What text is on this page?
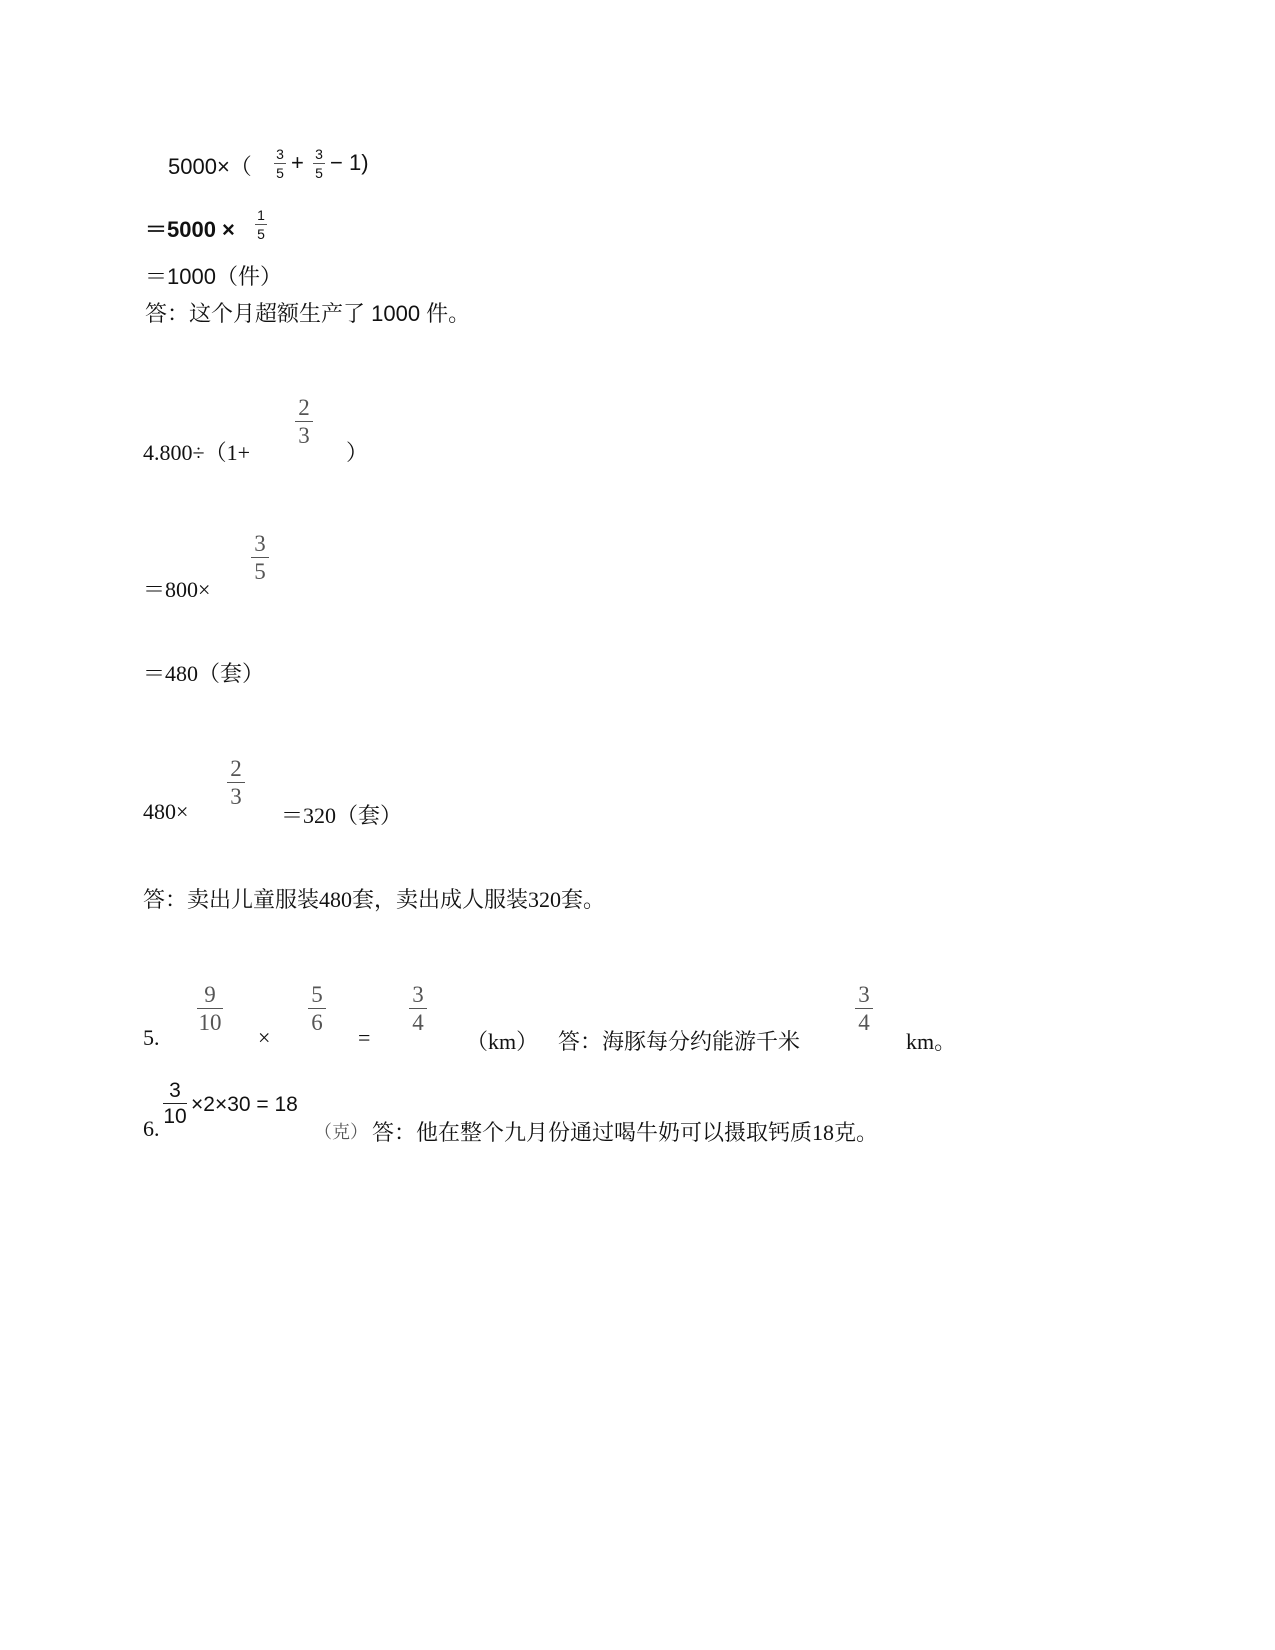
5000×（ 3
5 + 3
5 − 1)
＝5000 ×
1
5
＝1000（件）
答：这个月超额生产了 1000 件。
4.800÷（1+
2
3
）
＝800×
3
5
＝480（套）
480×
2
3
＝320（套）
答：卖出儿童服装480套，卖出成人服装320套。
5.
9
10
×
5
6
=
3
4
（km） 答：海豚每分约能游千米
3
4
km。
6.
3
10
×2×30 = 18
（克） 答：他在整个九月份通过喝牛奶可以摄取钙质18克。
